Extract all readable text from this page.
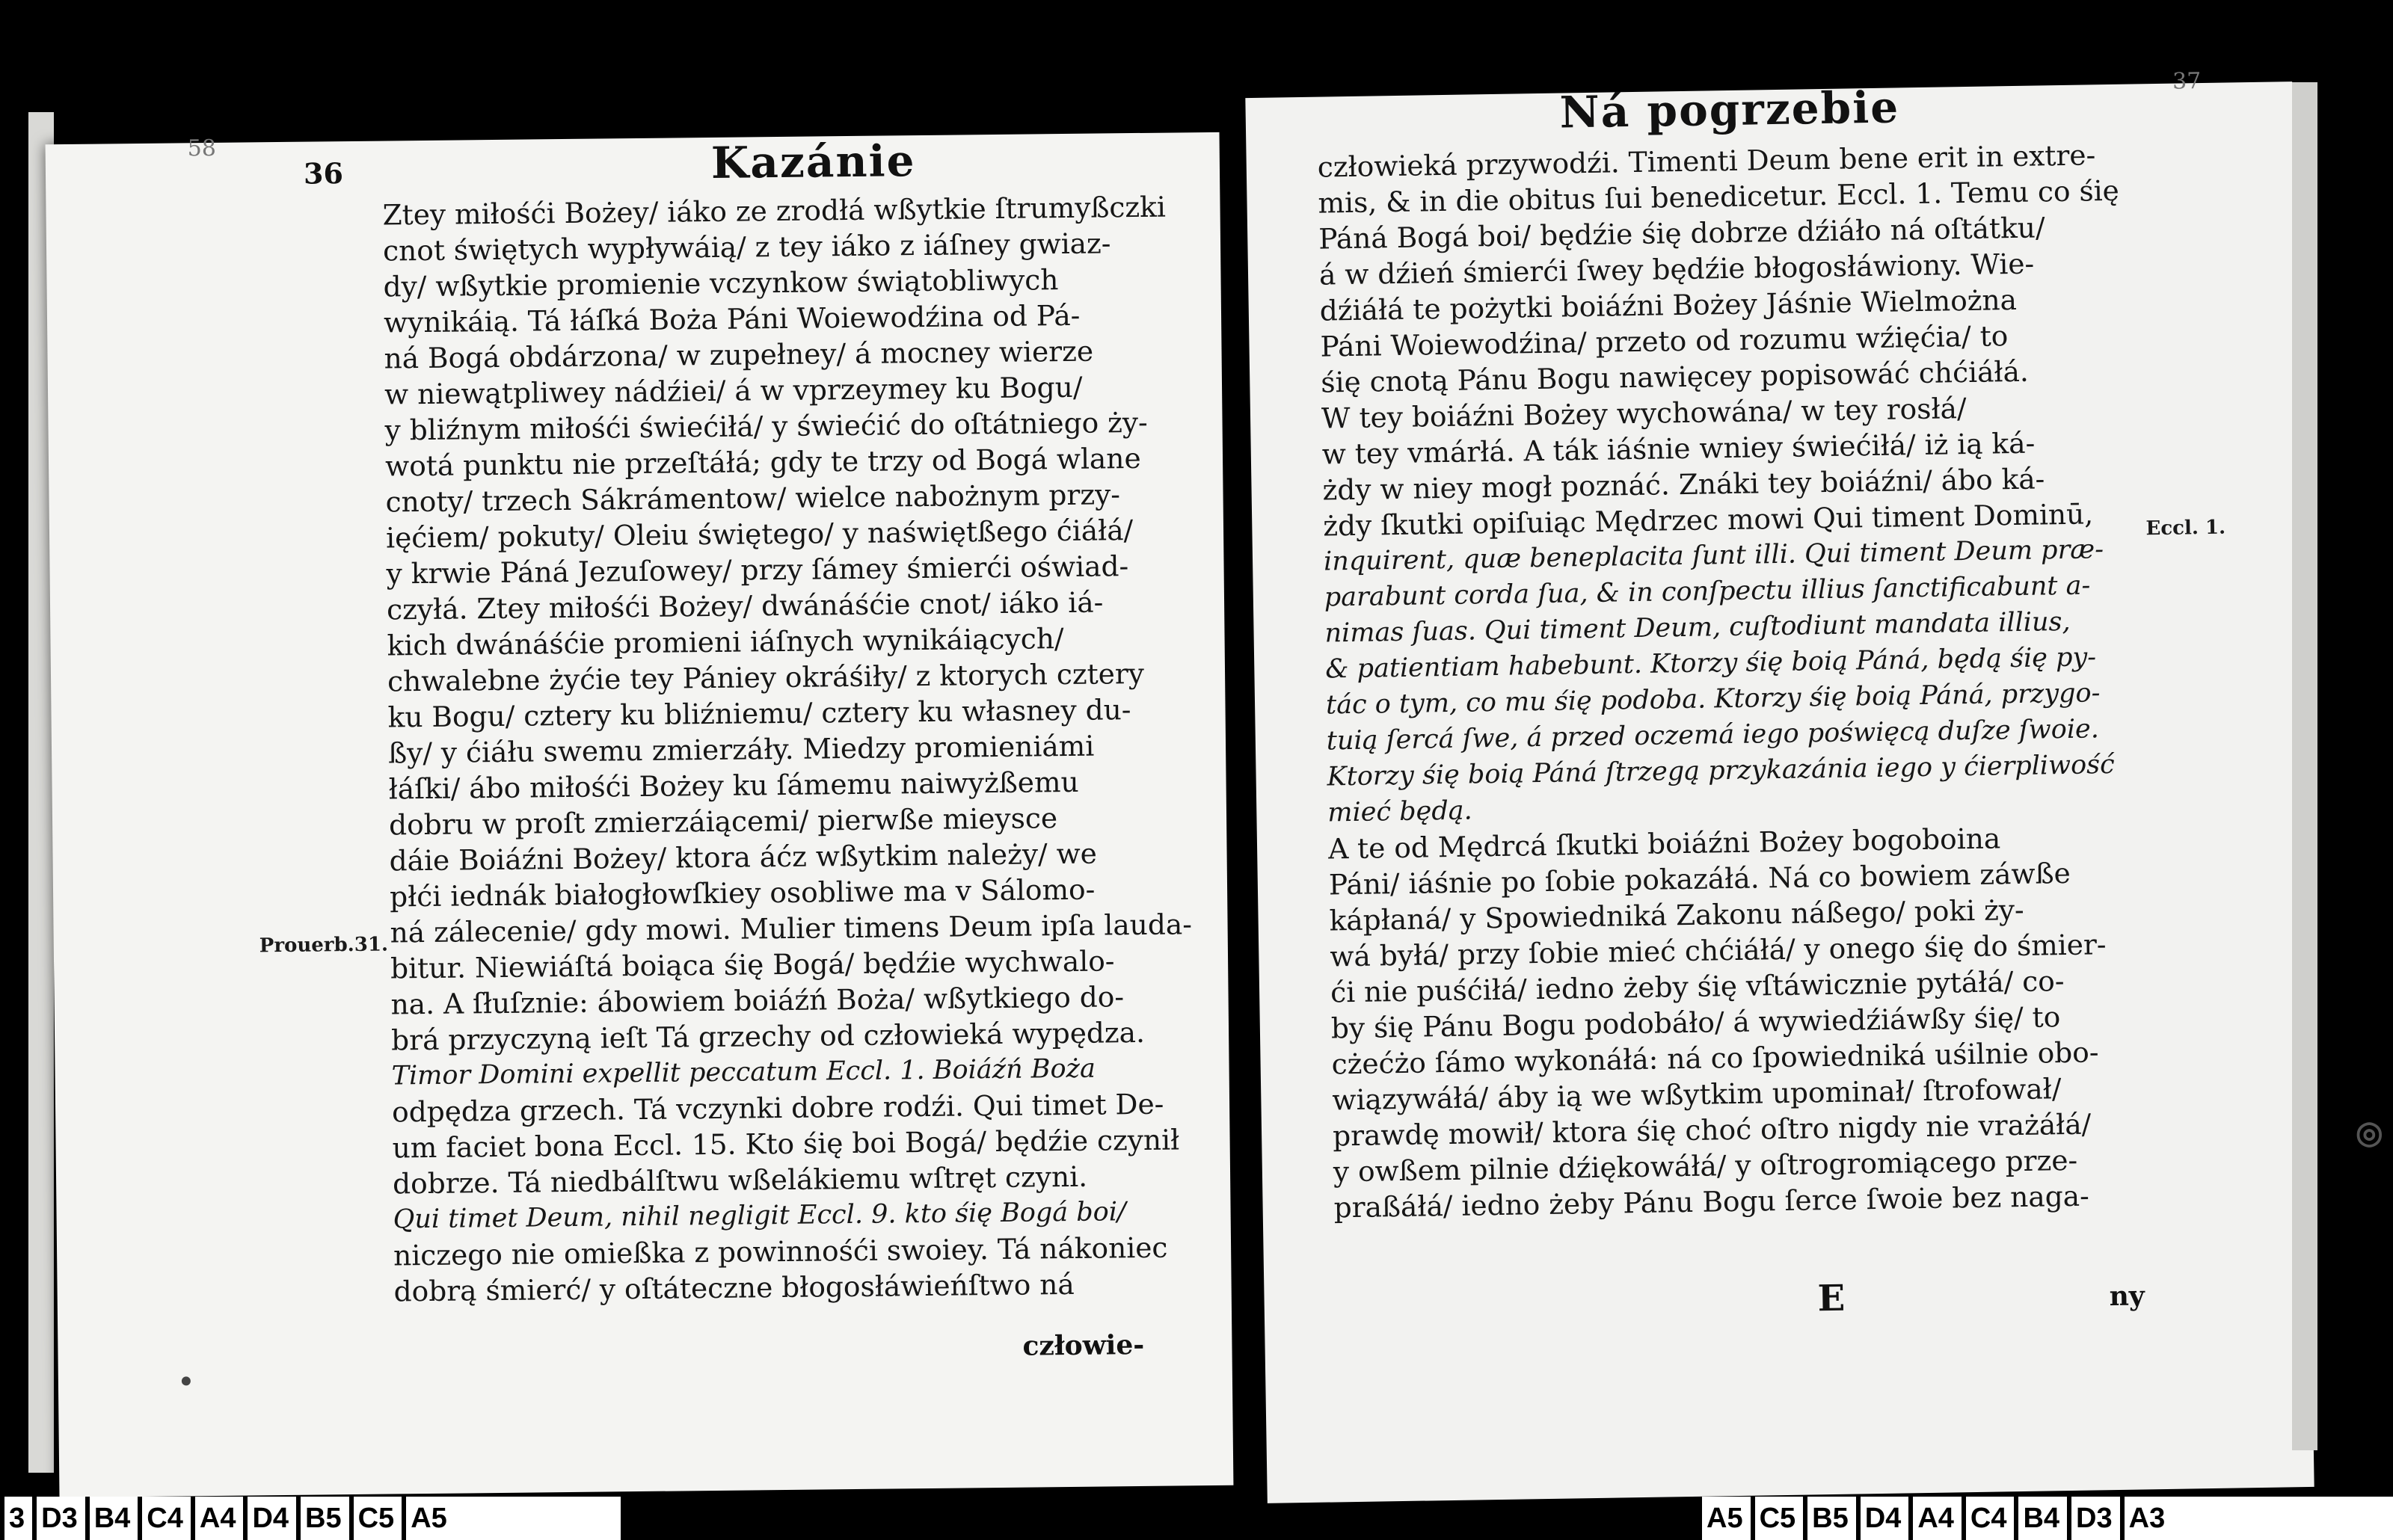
58
36	Kazánie
Prouerb.31.
Ztey miłośći Bożey/ iáko ze zrodłá wßytkie ſtrumyßczki
cnot świętych wypływáią/ z tey iáko z iáſney gwiaz-
dy/ wßytkie promienie vczynkow świątobliwych
wynikáią. Tá łáſká Boża Páni Woiewodźina od Pá-
ná Bogá obdárzona/ w zupełney/ á mocney wierze
w niewątpliwey nádźiei/ á w vprzeymey ku Bogu/
y bliźnym miłośći świećiłá/ y świećić do oſtátniego ży-
wotá punktu nie przeſtáłá; gdy te trzy od Bogá wlane
cnoty/ trzech Sákrámentow/ wielce nabożnym przy-
ięćiem/ pokuty/ Oleiu świętego/ y naświętßego ćiáłá/
y krwie Páná Jezuſowey/ przy ſámey śmierći oświad-
czyłá. Ztey miłośći Bożey/ dwánáśćie cnot/ iáko iá-
kich dwánáśćie promieni iáſnych wynikáiących/
chwalebne żyćie tey Pániey okráśiły/ z ktorych cztery
ku Bogu/ cztery ku bliźniemu/ cztery ku własney du-
ßy/ y ćiáłu swemu zmierzáły. Miedzy promieniámi
łáſki/ ábo miłośći Bożey ku ſámemu naiwyżßemu
dobru w proſt zmierzáiącemi/ pierwße mieysce
dáie Boiáźni Bożey/ ktora áćz wßytkim należy/ we
płći iednák białogłowſkiey osobliwe ma v Sálomo-
ná zálecenie/ gdy mowi. Mulier timens Deum ipſa lauda-
bitur. Niewiáſtá boiąca śię Bogá/ będźie wychwalo-
na. A ſłuſznie: ábowiem boiáźń Boża/ wßytkiego do-
brá przyczyną ieſt Tá grzechy od człowieká wypędza.
Timor Domini expellit peccatum Eccl. 1. Boiáźń Boża
odpędza grzech. Tá vczynki dobre rodźi. Qui timet De-
um faciet bona Eccl. 15. Kto śię boi Bogá/ będźie czynił
dobrze. Tá niedbálſtwu wßelákiemu wſtręt czyni.
Qui timet Deum, nihil negligit Eccl. 9. kto śię Bogá boi/
niczego nie omießka z powinnośći swoiey. Tá nákoniec
dobrą śmierć/ y oſtáteczne błogosłáwieńſtwo ná
człowie-
Ná pogrzebie
37
Eccl. 1.
człowieká przywodźi. Timenti Deum bene erit in extre-
mis, & in die obitus ſui benedicetur. Eccl. 1. Temu co śię
Páná Bogá boi/ będźie śię dobrze dźiáło ná oſtátku/
á w dźień śmierći ſwey będźie błogosłáwiony. Wie-
dźiáłá te pożytki boiáźni Bożey Jáśnie Wielmożna
Páni Woiewodźina/ przeto od rozumu wźięćia/ to
śię cnotą Pánu Bogu nawięcey popisowáć chćiáłá.
W tey boiáźni Bożey wychowána/ w tey rosłá/
w tey vmárłá. A ták iáśnie wniey świećiłá/ iż ią ká-
żdy w niey mogł poznáć. Znáki tey boiáźni/ ábo ká-
żdy ſkutki opiſuiąc Mędrzec mowi Qui timent Dominū,
inquirent, quæ beneplacita ſunt illi. Qui timent Deum præ-
parabunt corda ſua, & in conſpectu illius ſanctificabunt a-
nimas ſuas. Qui timent Deum, cuſtodiunt mandata illius,
& patientiam habebunt. Ktorzy śię boią Páná, będą śię py-
tác o tym, co mu śię podoba. Ktorzy śię boią Páná, przygo-
tuią ſercá ſwe, á przed oczemá iego poświęcą duſze ſwoie.
Ktorzy śię boią Páná ſtrzegą przykazánia iego y ćierpliwość
mieć będą.
A te od Mędrcá ſkutki boiáźni Bożey bogoboina
Páni/ iáśnie po ſobie pokazáłá. Ná co bowiem záwße
kápłaná/ y Spowiedniká Zakonu náßego/ poki ży-
wá byłá/ przy ſobie mieć chćiáłá/ y onego śię do śmier-
ći nie puśćiłá/ iedno żeby śię vſtáwicznie pytáłá/ co-
by śię Pánu Bogu podobáło/ á wywiedźiáwßy śię/ to
cżećżo ſámo wykonáłá: ná co ſpowiedniká uśilnie obo-
wiązywáłá/ áby ią we wßytkim upominał/ ſtrofował/
prawdę mowił/ ktora śię choć oſtro nigdy nie vrażáłá/
y owßem pilnie dźiękowáłá/ y oſtrogromiącego prze-
praßáłá/ iedno żeby Pánu Bogu ſerce ſwoie bez naga-
E	ny
◎
3 D3 B4 C4 A4 D4 B5 C5 A5	A5 C5 B5 D4 A4 C4 B4 D3 A3
